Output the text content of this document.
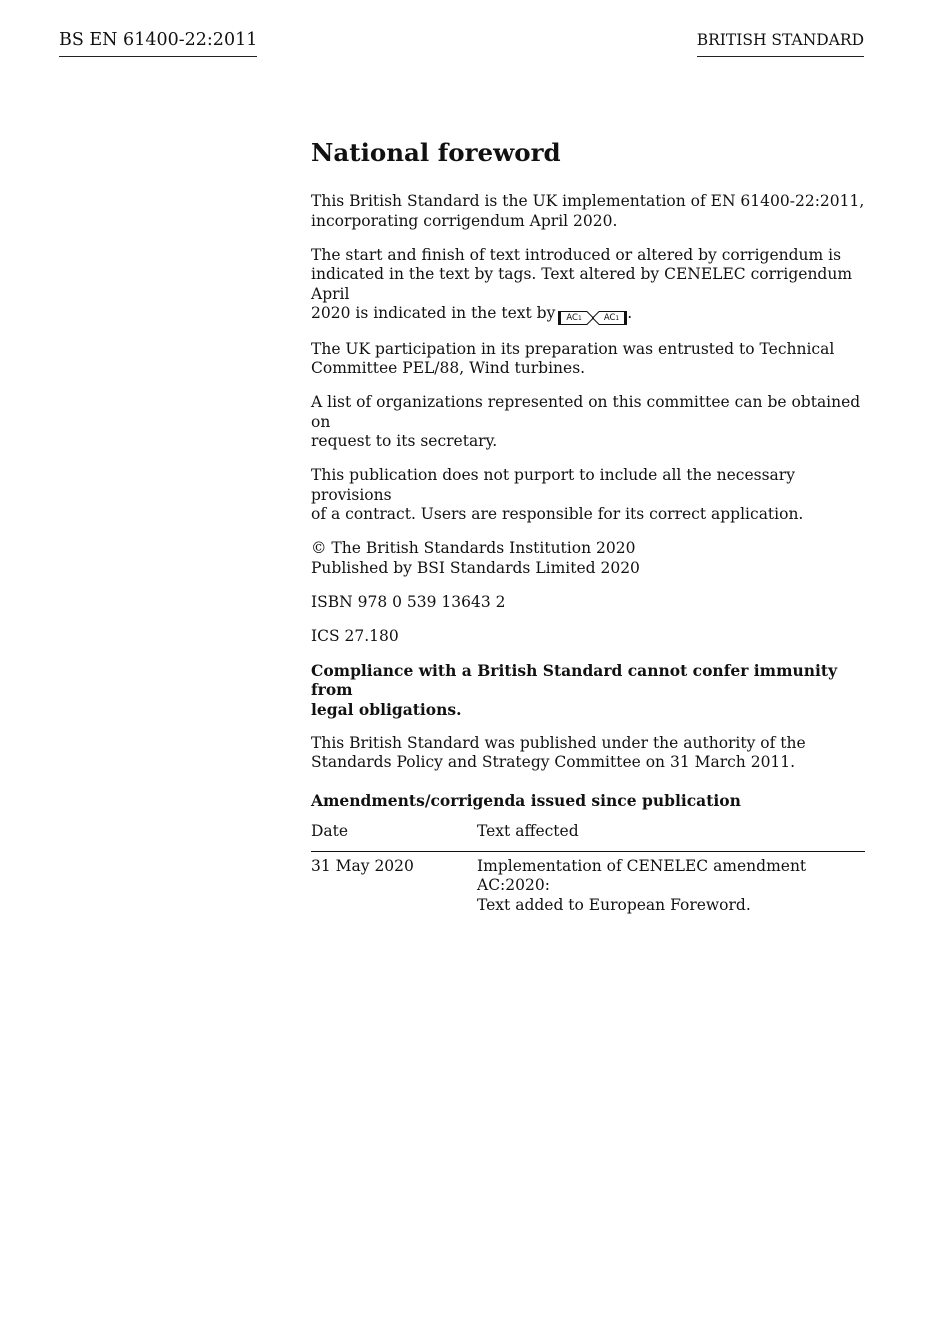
BS EN 61400-22:2011	BRITISH STANDARD
National foreword

This British Standard is the UK implementation of EN 61400-22:2011,
incorporating corrigendum April 2020.

The start and finish of text introduced or altered by corrigendum is
indicated in the text by tags. Text altered by CENELEC corrigendum April
2020 is indicated in the text by AC1	AC1 .

The UK participation in its preparation was entrusted to Technical
Committee PEL/88, Wind turbines.

A list of organizations represented on this committee can be obtained on
request to its secretary.

This publication does not purport to include all the necessary provisions
of a contract. Users are responsible for its correct application.

© The British Standards Institution 2020
Published by BSI Standards Limited 2020

ISBN 978 0 539 13643 2

ICS 27.180

Compliance with a British Standard cannot confer immunity from
legal obligations.

This British Standard was published under the authority of the
Standards Policy and Strategy Committee on 31 March 2011.

Amendments/corrigenda issued since publication
Date	Text affected
31 May 2020	Implementation of CENELEC amendment AC:2020:
Text added to European Foreword.
